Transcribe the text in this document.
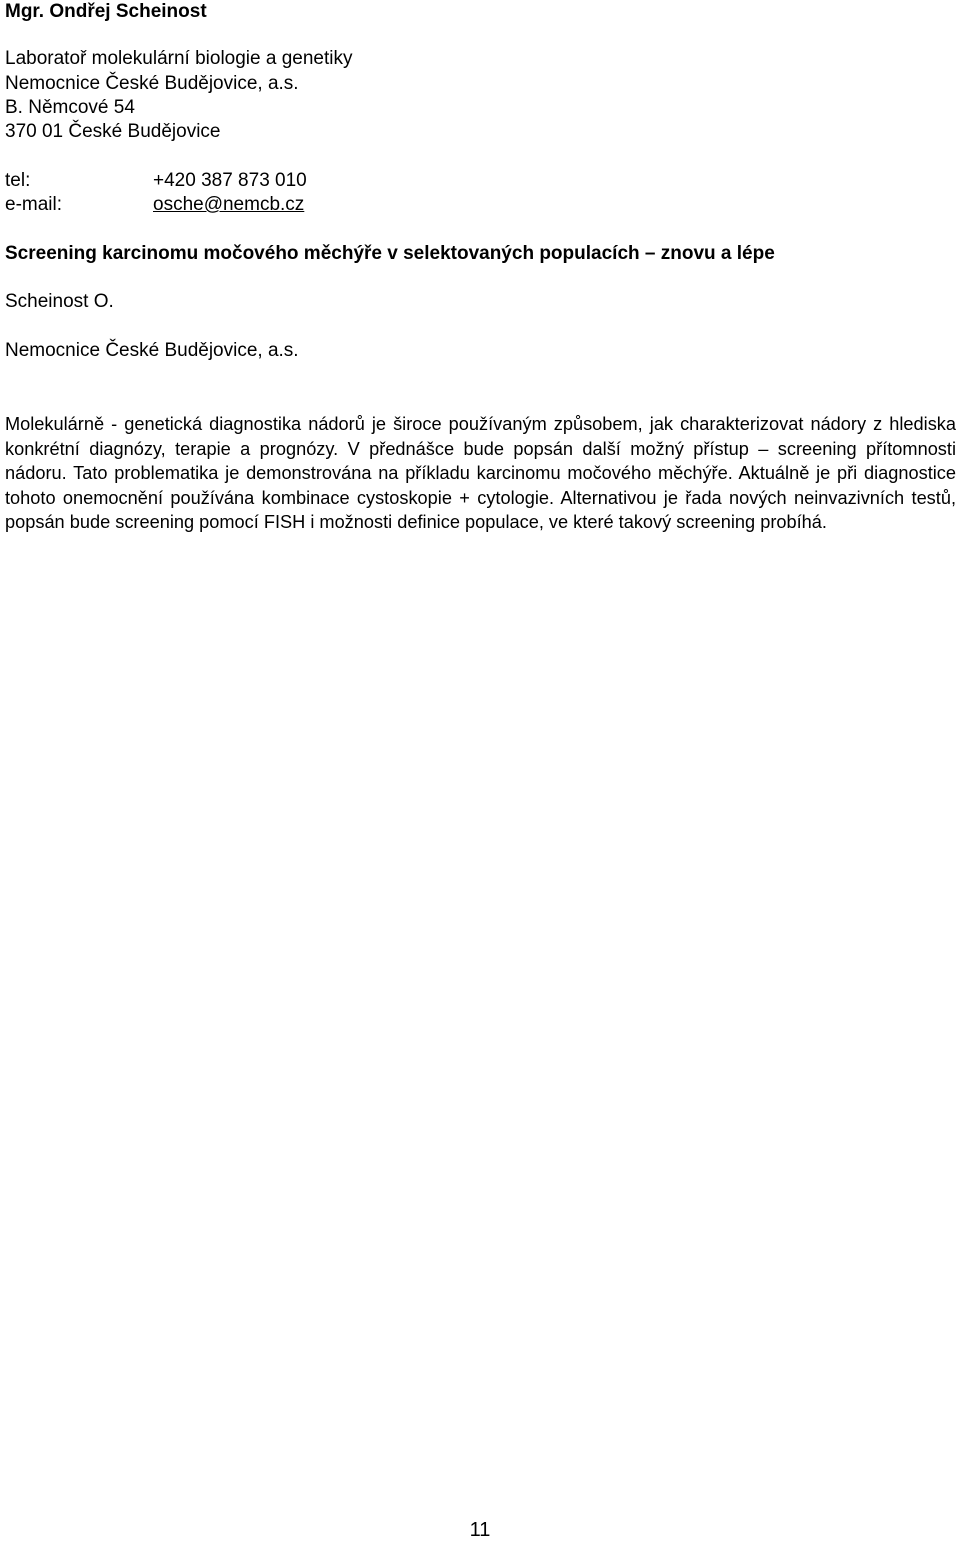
Mgr. Ondřej Scheinost
Laboratoř molekulární biologie a genetiky
Nemocnice České Budějovice, a.s.
B. Němcové 54
370 01 České Budějovice
tel:	+420 387 873 010
e-mail:	osche@nemcb.cz
Screening karcinomu močového měchýře v selektovaných populacích – znovu a lépe
Scheinost O.
Nemocnice České Budějovice, a.s.

Molekulárně - genetická diagnostika nádorů je široce používaným způsobem, jak charakterizovat nádory z hlediska konkrétní diagnózy, terapie a prognózy. V přednášce bude popsán další možný přístup – screening přítomnosti nádoru. Tato problematika je demonstrována na příkladu karcinomu močového měchýře. Aktuálně je při diagnostice tohoto onemocnění používána kombinace cystoskopie + cytologie. Alternativou je řada nových neinvazivních testů, popsán bude screening pomocí FISH i možnosti definice populace, ve které takový screening probíhá.

11
